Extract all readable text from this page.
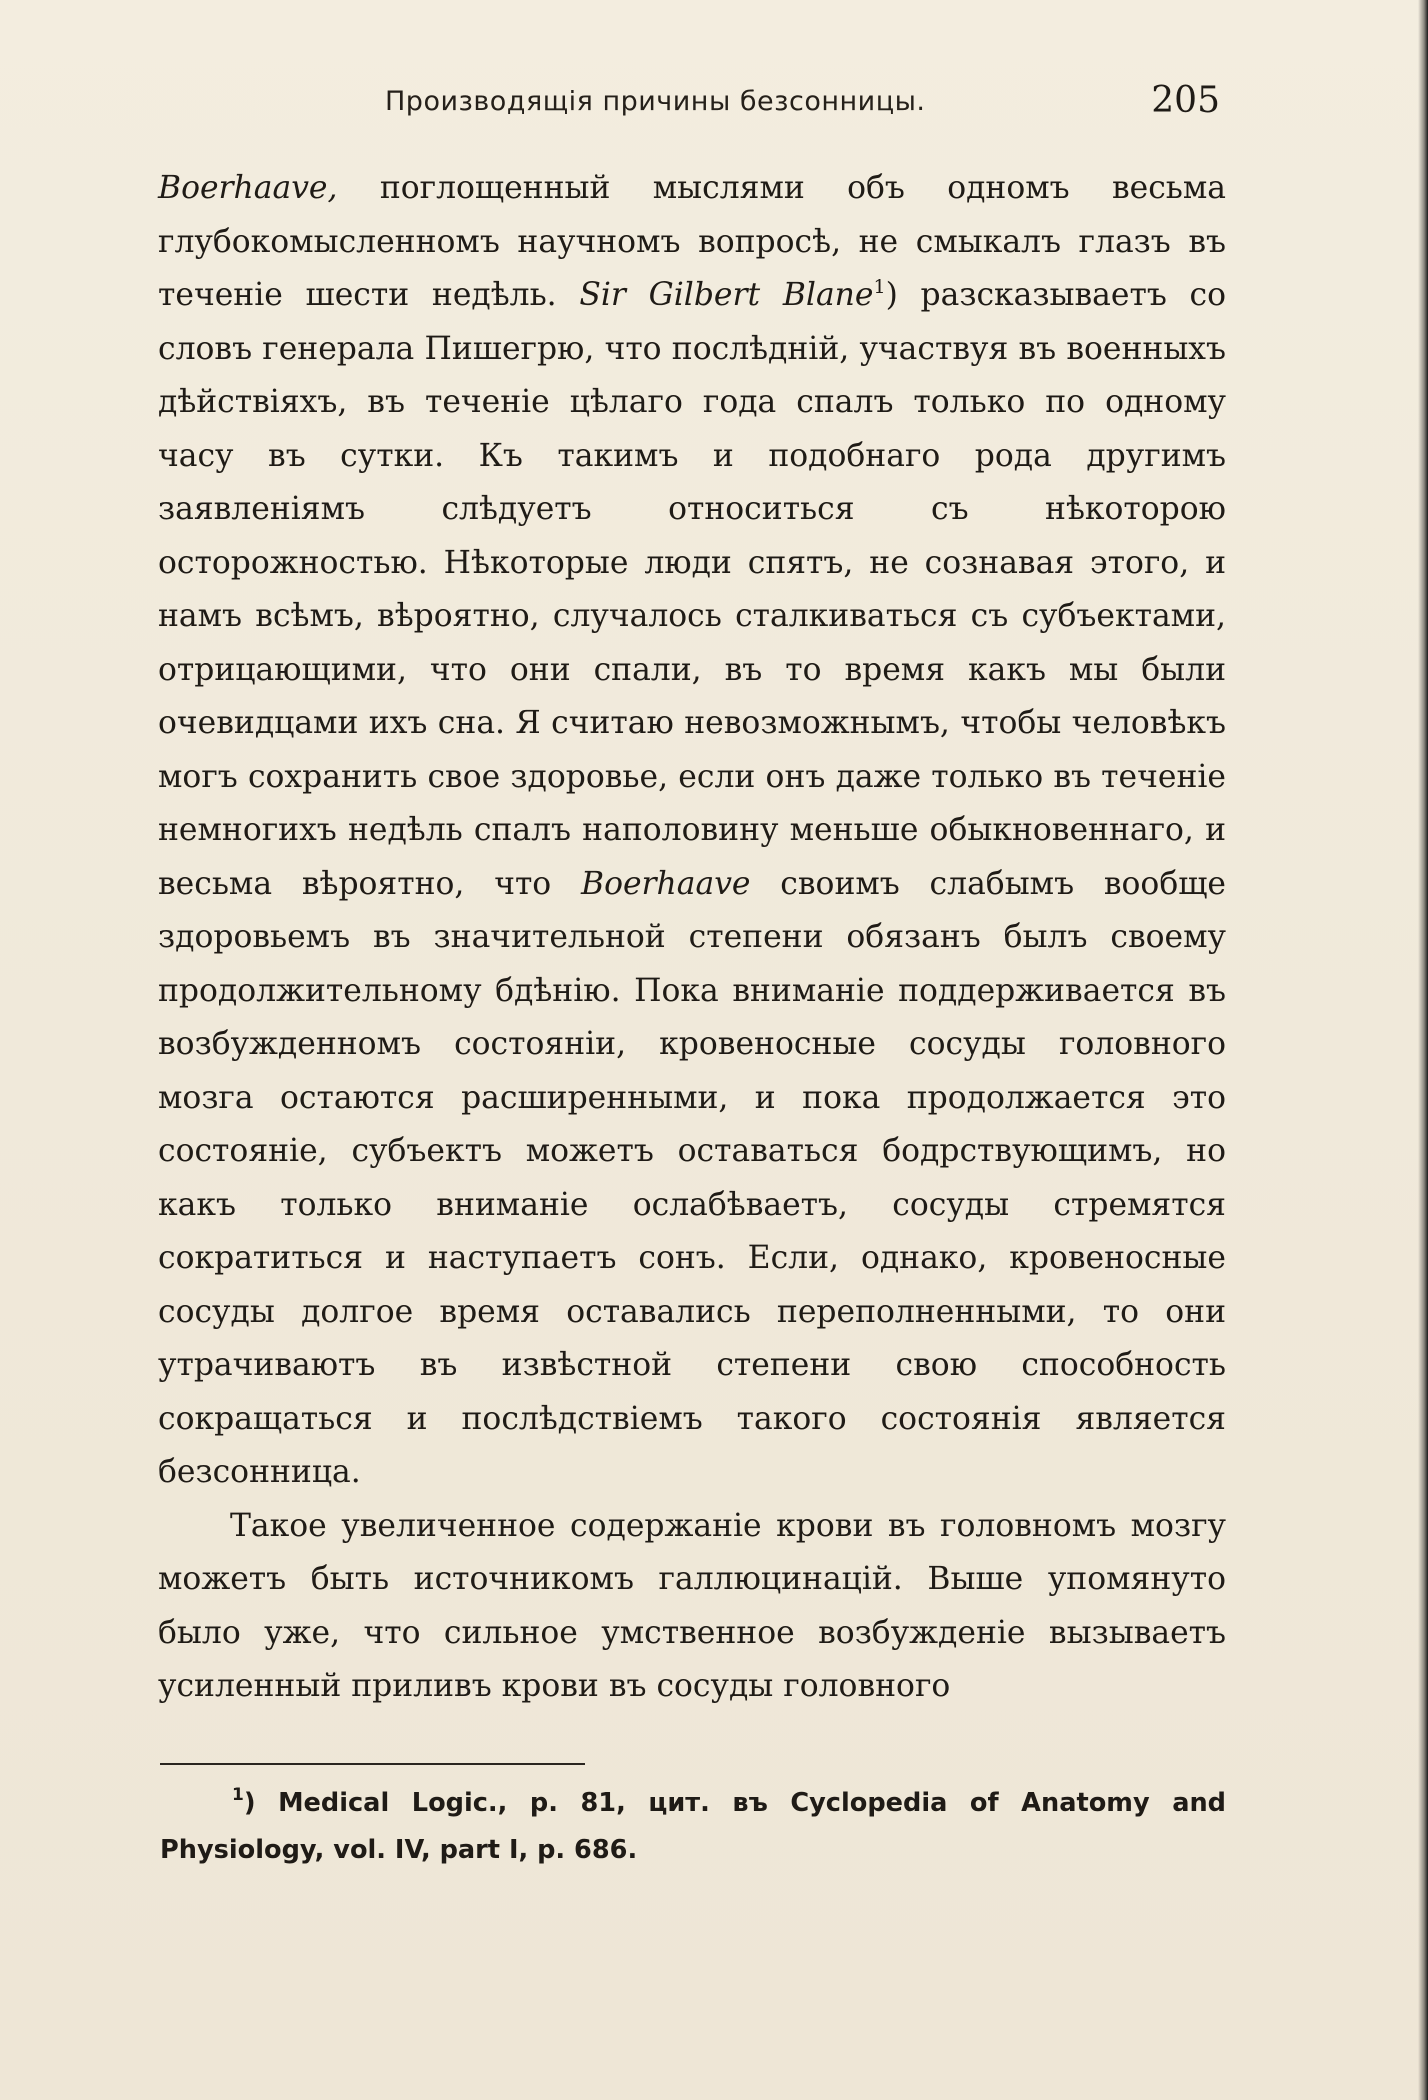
Производящія причины безсонницы.	205

Boerhaave, поглощенный мыслями объ одномъ весьма глубокомысленномъ научномъ вопросѣ, не смыкалъ глазъ въ теченіе шести недѣль. Sir Gilbert Blane$^1$) разсказываетъ со словъ генерала Пишегрю, что послѣдній, участвуя въ военныхъ дѣйствіяхъ, въ теченіе цѣлаго года спалъ только по одному часу въ сутки. Къ такимъ и подобнаго рода другимъ заявленіямъ слѣдуетъ относиться съ нѣкоторою осторожностью. Нѣкоторые люди спятъ, не сознавая этого, и намъ всѣмъ, вѣроятно, случалось сталкиваться съ субъектами, отрицающими, что они спали, въ то время какъ мы были очевидцами ихъ сна. Я считаю невозможнымъ, чтобы человѣкъ могъ сохранить свое здоровье, если онъ даже только въ теченіе немногихъ недѣль спалъ наполовину меньше обыкновеннаго, и весьма вѣроятно, что Boerhaave своимъ слабымъ вообще здоровьемъ въ значительной степени обязанъ былъ своему продолжительному бдѣнію. Пока вниманіе поддерживается въ возбужденномъ состояніи, кровеносные сосуды головного мозга остаются расширенными, и пока продолжается это состояніе, субъектъ можетъ оставаться бодрствующимъ, но какъ только вниманіе ослабѣваетъ, сосуды стремятся сократиться и наступаетъ сонъ. Если, однако, кровеносные сосуды долгое время оставались переполненными, то они утрачиваютъ въ извѣстной степени свою способность сокращаться и послѣдствіемъ такого состоянія является безсонница.

Такое увеличенное содержаніе крови въ головномъ мозгу можетъ быть источникомъ галлюцинацій. Выше упомянуто было уже, что сильное умственное возбужденіе вызываетъ усиленный приливъ крови въ сосуды головного

$^1$) Medical Logic., p. 81, цит. въ Cyclopedia of Anatomy and Physiology, vol. IV, part I, p. 686.
